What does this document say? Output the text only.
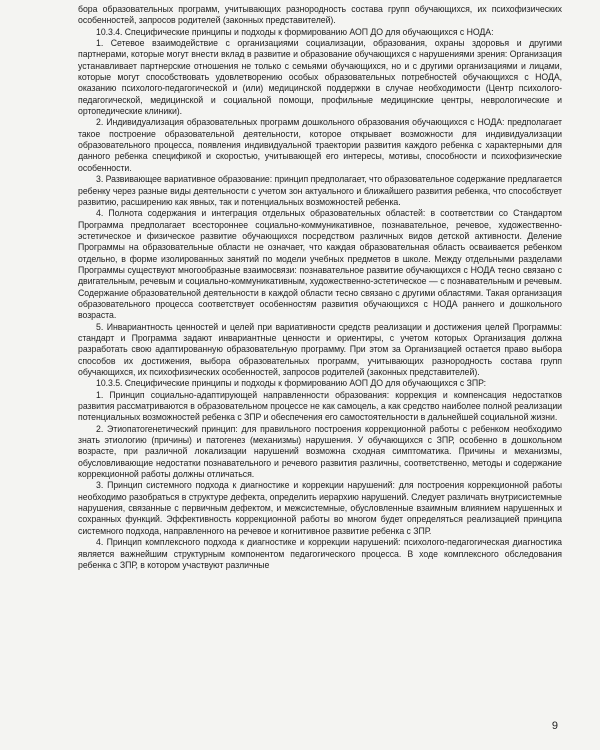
бора образовательных программ, учитывающих разнородность состава групп обучающихся, их психофизических особенностей, запросов родителей (законных представителей).

10.3.4. Специфические принципы и подходы к формированию АОП ДО для обучающихся с НОДА:

1. Сетевое взаимодействие с организациями социализации, образования, охраны здоровья и другими партнерами, которые могут внести вклад в развитие и образование обучающихся с нарушениями зрения: Организация устанавливает партнерские отношения не только с семьями обучающихся, но и с другими организациями и лицами, которые могут способствовать удовлетворению особых образовательных потребностей обучающихся с НОДА, оказанию психолого-педагогической и (или) медицинской поддержки в случае необходимости (Центр психолого-педагогической, медицинской и социальной помощи, профильные медицинские центры, неврологические и ортопедические клиники).

2. Индивидуализация образовательных программ дошкольного образования обучающихся с НОДА: предполагает такое построение образовательной деятельности, которое открывает возможности для индивидуализации образовательного процесса, появления индивидуальной траектории развития каждого ребенка с характерными для данного ребенка спецификой и скоростью, учитывающей его интересы, мотивы, способности и психофизические особенности.

3. Развивающее вариативное образование: принцип предполагает, что образовательное содержание предлагается ребенку через разные виды деятельности с учетом зон актуального и ближайшего развития ребенка, что способствует развитию, расширению как явных, так и потенциальных возможностей ребенка.

4. Полнота содержания и интеграция отдельных образовательных областей: в соответствии со Стандартом Программа предполагает всестороннее социально-коммуникативное, познавательное, речевое, художественно-эстетическое и физическое развитие обучающихся посредством различных видов детской активности. Деление Программы на образовательные области не означает, что каждая образовательная область осваивается ребенком отдельно, в форме изолированных занятий по модели учебных предметов в школе. Между отдельными разделами Программы существуют многообразные взаимосвязи: познавательное развитие обучающихся с НОДА тесно связано с двигательным, речевым и социально-коммуникативным, художественно-эстетическое — с познавательным и речевым. Содержание образовательной деятельности в каждой области тесно связано с другими областями. Такая организация образовательного процесса соответствует особенностям развития обучающихся с НОДА раннего и дошкольного возраста.

5. Инвариантность ценностей и целей при вариативности средств реализации и достижения целей Программы: стандарт и Программа задают инвариантные ценности и ориентиры, с учетом которых Организация должна разработать свою адаптированную образовательную программу. При этом за Организацией остается право выбора способов их достижения, выбора образовательных программ, учитывающих разнородность состава групп обучающихся, их психофизических особенностей, запросов родителей (законных представителей).

10.3.5. Специфические принципы и подходы к формированию АОП ДО для обучающихся с ЗПР:

1. Принцип социально-адаптирующей направленности образования: коррекция и компенсация недостатков развития рассматриваются в образовательном процессе не как самоцель, а как средство наиболее полной реализации потенциальных возможностей ребенка с ЗПР и обеспечения его самостоятельности в дальнейшей социальной жизни.

2. Этиопатогенетический принцип: для правильного построения коррекционной работы с ребенком необходимо знать этиологию (причины) и патогенез (механизмы) нарушения. У обучающихся с ЗПР, особенно в дошкольном возрасте, при различной локализации нарушений возможна сходная симптоматика. Причины и механизмы, обусловливающие недостатки познавательного и речевого развития различны, соответственно, методы и содержание коррекционной работы должны отличаться.

3. Принцип системного подхода к диагностике и коррекции нарушений: для построения коррекционной работы необходимо разобраться в структуре дефекта, определить иерархию нарушений. Следует различать внутрисистемные нарушения, связанные с первичным дефектом, и межсистемные, обусловленные взаимным влиянием нарушенных и сохранных функций. Эффективность коррекционной работы во многом будет определяться реализацией принципа системного подхода, направленного на речевое и когнитивное развитие ребенка с ЗПР.

4. Принцип комплексного подхода к диагностике и коррекции нарушений: психолого-педагогическая диагностика является важнейшим структурным компонентом педагогического процесса. В ходе комплексного обследования ребенка с ЗПР, в котором участвуют различные

9
